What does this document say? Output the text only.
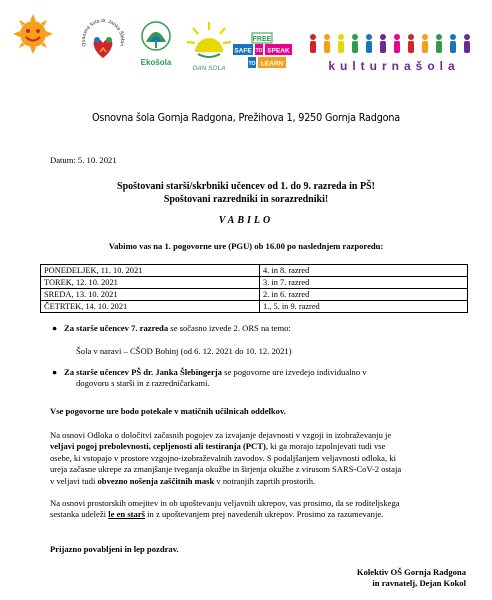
Osnovna šola dr. Janka Šlebin
Ekošola
DAN SOLA
FREE
SAFE TO SPEAK
TO LEARN	kulturnašola
Osnovna šola Gornja Radgona, Prežihova 1, 9250 Gornja Radgona
Datum: 5. 10. 2021
Spoštovani starši/skrbniki učencev od 1. do 9. razreda in PŠ!
Spoštovani razredniki in sorazredniki!
VABILO
Vabimo vas na 1. pogovorne ure (PGU) ob 16.00 po naslednjem razporedu:
PONEDELJEK, 11. 10. 2021	4. in 8. razred
TOREK, 12. 10. 2021	3. in 7. razred
SREDA, 13. 10. 2021	2. in 6. razred
ČETRTEK, 14. 10. 2021	1., 5. in 9. razred
● Za starše učencev 7. razreda se sočasno izvede 2. ORS na temo:
Šola v naravi – CŠOD Bohinj (od 6. 12. 2021 do 10. 12. 2021)
● Za starše učencev PŠ dr. Janka Šlebingerja se pogovorne ure izvedejo individualno v
dogovoru s starši in z razredničarkami.
Vse pogovorne ure bodo potekale v matičnih učilnicah oddelkov.
Na osnovi Odloka o določitvi začasnih pogojev za izvajanje dejavnosti v vzgoji in izobraževanju je
veljavi pogoj prebolevnosti, cepljenosti ali testiranja (PCT), ki ga morajo izpolnjevati tudi vse
osebe, ki vstopajo v prostore vzgojno-izobraževalnih zavodov. S podaljšanjem veljavnosti odloka, ki
ureja začasne ukrepe za zmanjšanje tveganja okužbe in širjenja okužbe z virusom SARS-CoV-2 ostaja
v veljavi tudi obvezno nošenja zaščitnih mask v notranjih zaprtih prostorih.
Na osnovi prostorskih omejitev in ob upoštevanju veljavnih ukrepov, vas prosimo, da se roditeljskega
sestanka udeleži le en starš in z upoštevanjem prej navedenih ukrepov. Prosimo za razumevanje.
Prijazno povabljeni in lep pozdrav.
Kolektiv OŠ Gornja Radgona
in ravnatelj, Dejan Kokol
